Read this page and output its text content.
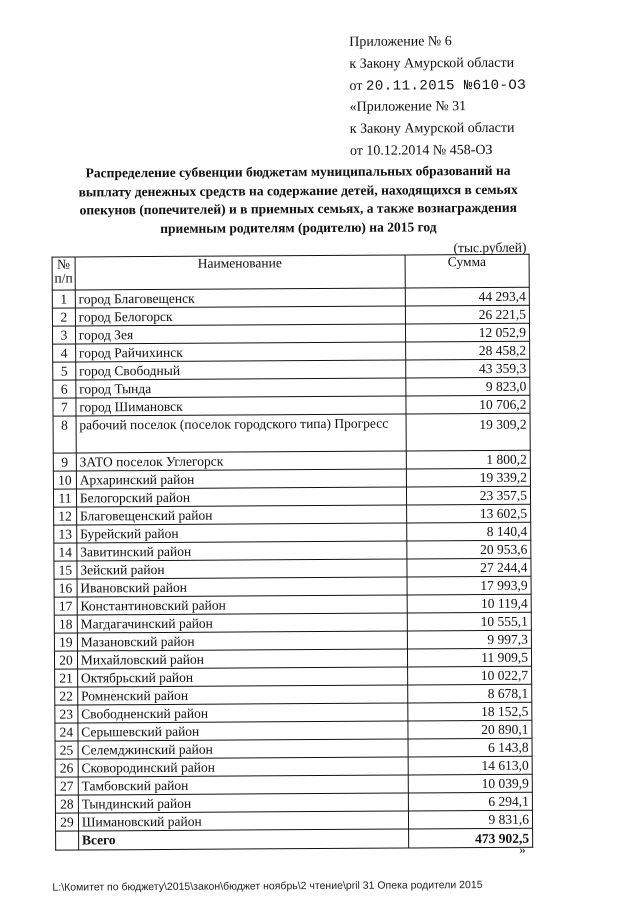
Приложение № 6
к Закону Амурской области
от 20.11.2015 №610-ОЗ
«Приложение № 31
к Закону Амурской области
от 10.12.2014 № 458-ОЗ
Распределение субвенции бюджетам муниципальных образований на выплату денежных средств на содержание детей, находящихся в семьях опекунов (попечителей) и в приемных семьях, а также вознаграждения приемным родителям (родителю) на 2015 год
(тыс.рублей)
№ п/п	Наименование	Сумма
1	город Благовещенск	44 293,4
2	город Белогорск	26 221,5
3	город Зея	12 052,9
4	город Райчихинск	28 458,2
5	город Свободный	43 359,3
6	город Тында	9 823,0
7	город Шимановск	10 706,2
8	рабочий поселок (поселок городского типа) Прогресс	19 309,2
9	ЗАТО поселок Углегорск	1 800,2
10	Архаринский район	19 339,2
11	Белогорский район	23 357,5
12	Благовещенский район	13 602,5
13	Бурейский район	8 140,4
14	Завитинский район	20 953,6
15	Зейский район	27 244,4
16	Ивановский район	17 993,9
17	Константиновский район	10 119,4
18	Магдагачинский район	10 555,1
19	Мазановский район	9 997,3
20	Михайловский район	11 909,5
21	Октябрьский район	10 022,7
22	Ромненский район	8 678,1
23	Свободненский район	18 152,5
24	Серышевский район	20 890,1
25	Селемджинский район	6 143,8
26	Сковородинский район	14 613,0
27	Тамбовский район	10 039,9
28	Тындинский район	6 294,1
29	Шимановский район	9 831,6
	Всего	473 902,5
»
L:\Комитет по бюджету\2015\закон\бюджет ноябрь\2 чтение\pril 31 Опека родители 2015
